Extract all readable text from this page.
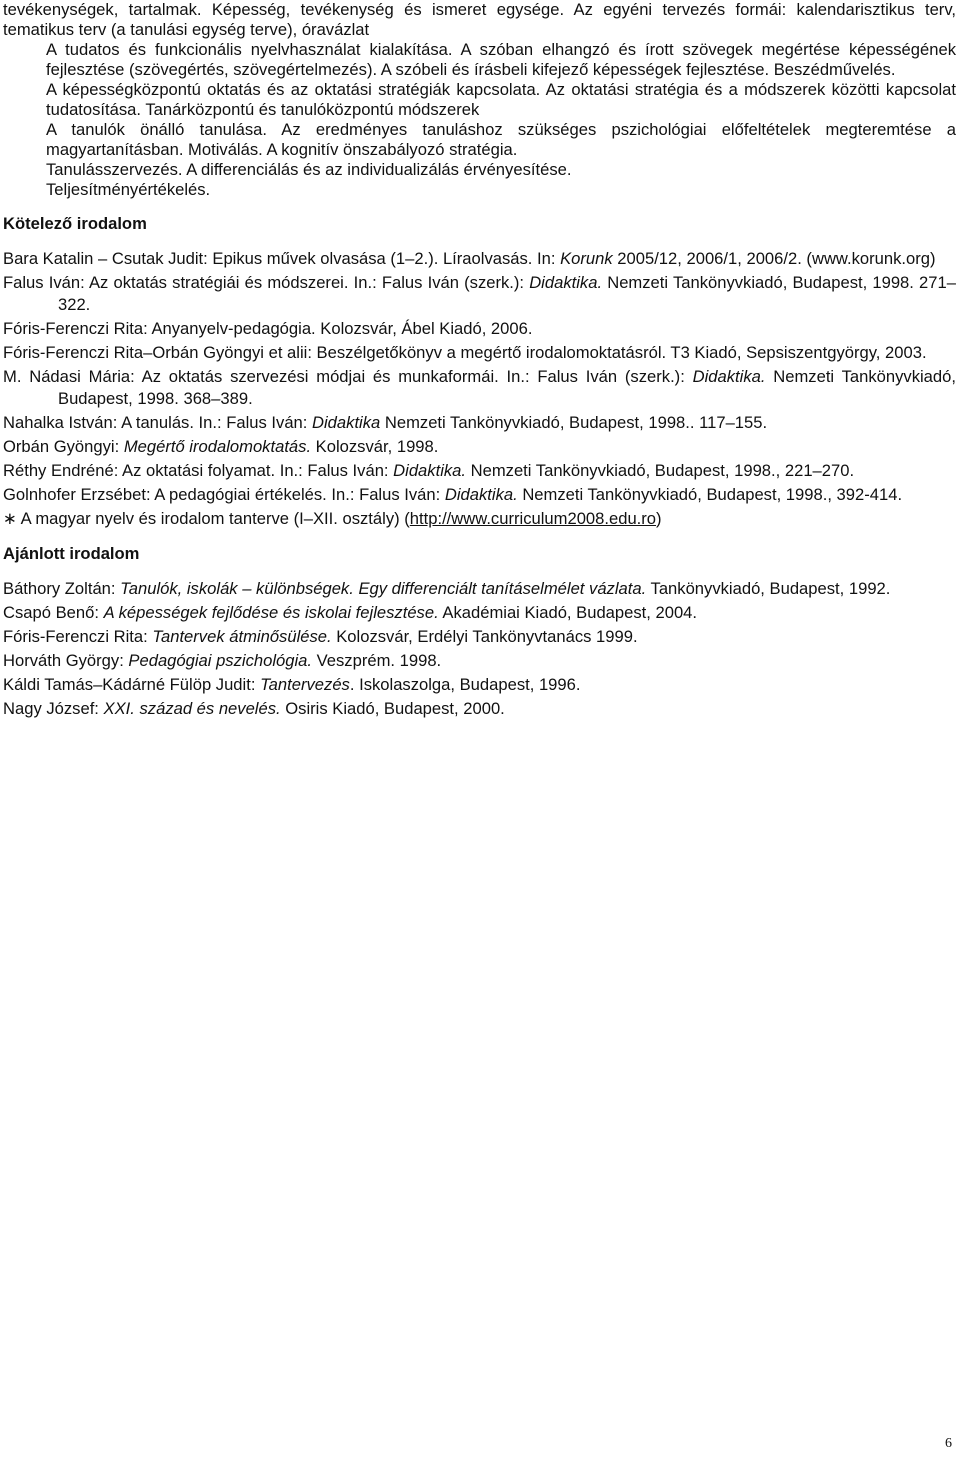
tevékenységek, tartalmak. Képesség, tevékenység és ismeret egysége. Az egyéni tervezés formái: kalendarisztikus terv, tematikus terv (a tanulási egység terve), óravázlat

A tudatos és funkcionális nyelvhasználat kialakítása. A szóban elhangzó és írott szövegek megértése képességének fejlesztése (szövegértés, szövegértelmezés). A szóbeli és írásbeli kifejező képességek fejlesztése. Beszédművelés.

A képességközpontú oktatás és az oktatási stratégiák kapcsolata. Az oktatási stratégia és a módszerek közötti kapcsolat tudatosítása. Tanárközpontú és tanulóközpontú módszerek

A tanulók önálló tanulása. Az eredményes tanuláshoz szükséges pszichológiai előfeltételek megteremtése a magyartanításban. Motiválás. A kognitív önszabályozó stratégia.

Tanulásszervezés. A differenciálás és az individualizálás érvényesítése.

Teljesítményértékelés.

Kötelező irodalom

Bara Katalin – Csutak Judit: Epikus művek olvasása (1–2.). Líraolvasás. In: Korunk 2005/12, 2006/1, 2006/2. (www.korunk.org)

Falus Iván: Az oktatás stratégiái és módszerei. In.: Falus Iván (szerk.): Didaktika. Nemzeti Tankönyvkiadó, Budapest, 1998. 271–322.

Fóris-Ferenczi Rita: Anyanyelv-pedagógia. Kolozsvár, Ábel Kiadó, 2006.

Fóris-Ferenczi Rita–Orbán Gyöngyi et alii: Beszélgetőkönyv a megértő irodalomoktatásról. T3 Kiadó, Sepsiszentgyörgy, 2003.

M. Nádasi Mária: Az oktatás szervezési módjai és munkaformái. In.: Falus Iván (szerk.): Didaktika. Nemzeti Tankönyvkiadó, Budapest, 1998. 368–389.

Nahalka István: A tanulás. In.: Falus Iván: Didaktika Nemzeti Tankönyvkiadó, Budapest, 1998.. 117–155.

Orbán Gyöngyi: Megértő irodalomoktatás. Kolozsvár, 1998.

Réthy Endréné: Az oktatási folyamat. In.: Falus Iván: Didaktika. Nemzeti Tankönyvkiadó, Budapest, 1998., 221–270.

Golnhofer Erzsébet: A pedagógiai értékelés. In.: Falus Iván: Didaktika. Nemzeti Tankönyvkiadó, Budapest, 1998., 392-414.

∗ A magyar nyelv és irodalom tanterve (I–XII. osztály) (http://www.curriculum2008.edu.ro)

Ajánlott irodalom

Báthory Zoltán: Tanulók, iskolák – különbségek. Egy differenciált tanításelmélet vázlata. Tankönyvkiadó, Budapest, 1992.

Csapó Benő: A képességek fejlődése és iskolai fejlesztése. Akadémiai Kiadó, Budapest, 2004.

Fóris-Ferenczi Rita: Tantervek átminősülése. Kolozsvár, Erdélyi Tankönyvtanács 1999.

Horváth György: Pedagógiai pszichológia. Veszprém. 1998.

Káldi Tamás–Kádárné Fülöp Judit: Tantervezés. Iskolaszolga, Budapest, 1996.

Nagy József: XXI. század és nevelés. Osiris Kiadó, Budapest, 2000.

6
